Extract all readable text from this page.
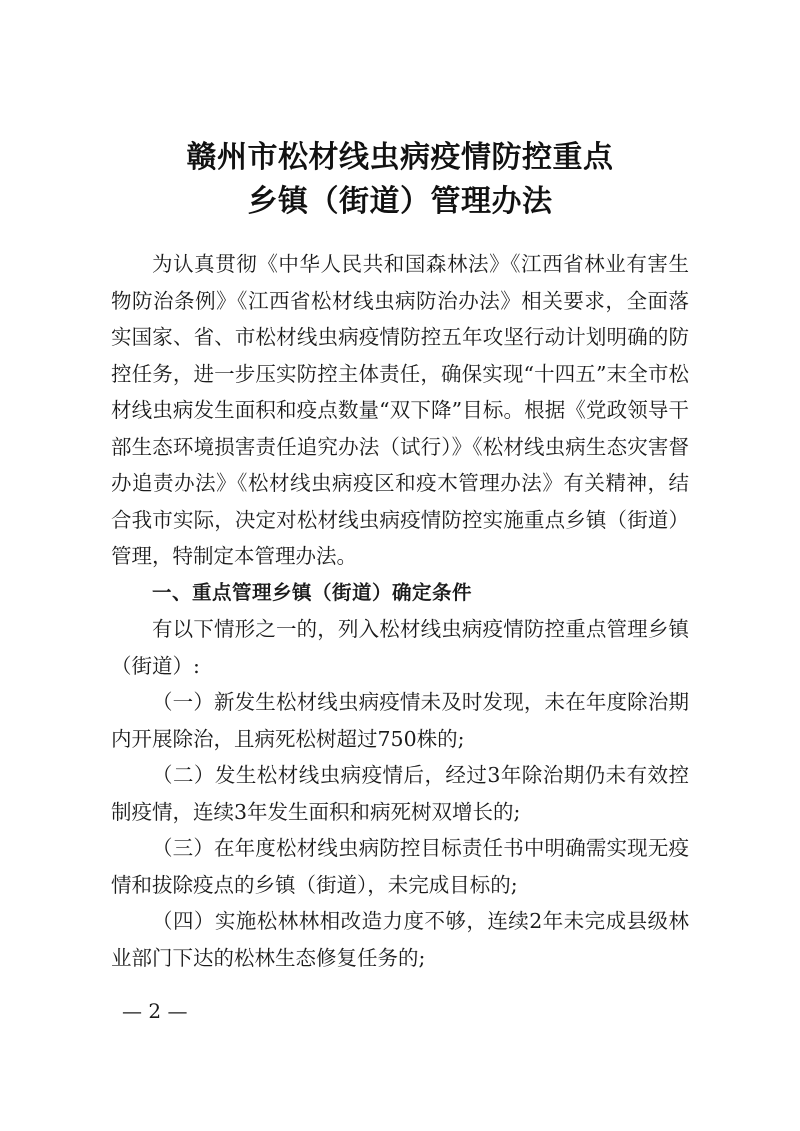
赣州市松材线虫病疫情防控重点
乡镇（街道）管理办法

为认真贯彻《中华人民共和国森林法》《江西省林业有害生物防治条例》《江西省松材线虫病防治办法》相关要求，全面落实国家、省、市松材线虫病疫情防控五年攻坚行动计划明确的防控任务，进一步压实防控主体责任，确保实现“十四五”末全市松材线虫病发生面积和疫点数量“双下降”目标。根据《党政领导干部生态环境损害责任追究办法（试行）》《松材线虫病生态灾害督办追责办法》《松材线虫病疫区和疫木管理办法》有关精神，结合我市实际，决定对松材线虫病疫情防控实施重点乡镇（街道）管理，特制定本管理办法。

一、重点管理乡镇（街道）确定条件

有以下情形之一的，列入松材线虫病疫情防控重点管理乡镇（街道）:

（一）新发生松材线虫病疫情未及时发现，未在年度除治期内开展除治，且病死松树超过750株的;

（二）发生松材线虫病疫情后，经过3年除治期仍未有效控制疫情，连续3年发生面积和病死树双增长的;

（三）在年度松材线虫病防控目标责任书中明确需实现无疫情和拔除疫点的乡镇（街道），未完成目标的;

（四）实施松林林相改造力度不够，连续2年未完成县级林业部门下达的松林生态修复任务的;

— 2 —
